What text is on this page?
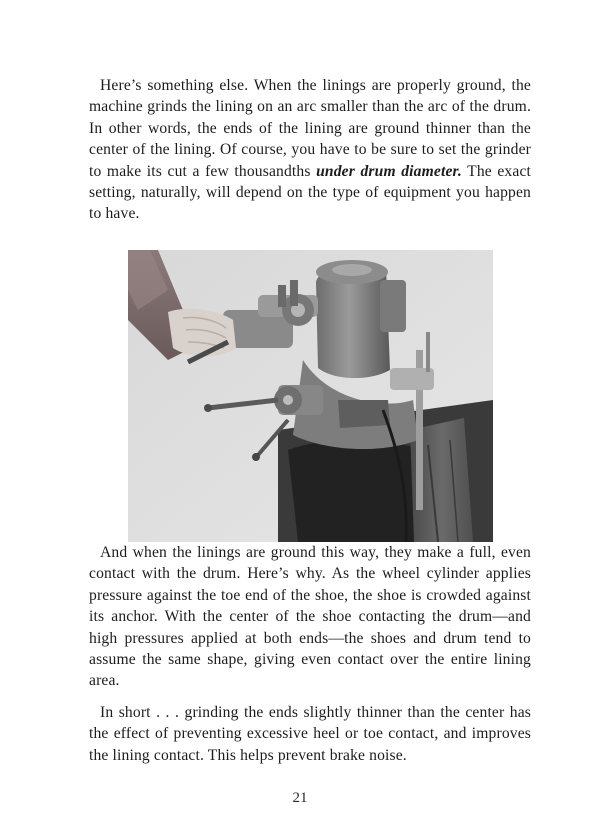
Here’s something else. When the linings are properly ground, the machine grinds the lining on an arc smaller than the arc of the drum. In other words, the ends of the lining are ground thinner than the center of the lining. Of course, you have to be sure to set the grinder to make its cut a few thousandths under drum diameter. The exact setting, naturally, will depend on the type of equipment you happen to have.

And when the linings are ground this way, they make a full, even contact with the drum. Here’s why. As the wheel cylinder applies pressure against the toe end of the shoe, the shoe is crowded against its anchor. With the center of the shoe contacting the drum—and high pressures applied at both ends—the shoes and drum tend to assume the same shape, giving even contact over the entire lining area.

In short . . . grinding the ends slightly thinner than the center has the effect of preventing excessive heel or toe contact, and improves the lining contact. This helps prevent brake noise.

21
